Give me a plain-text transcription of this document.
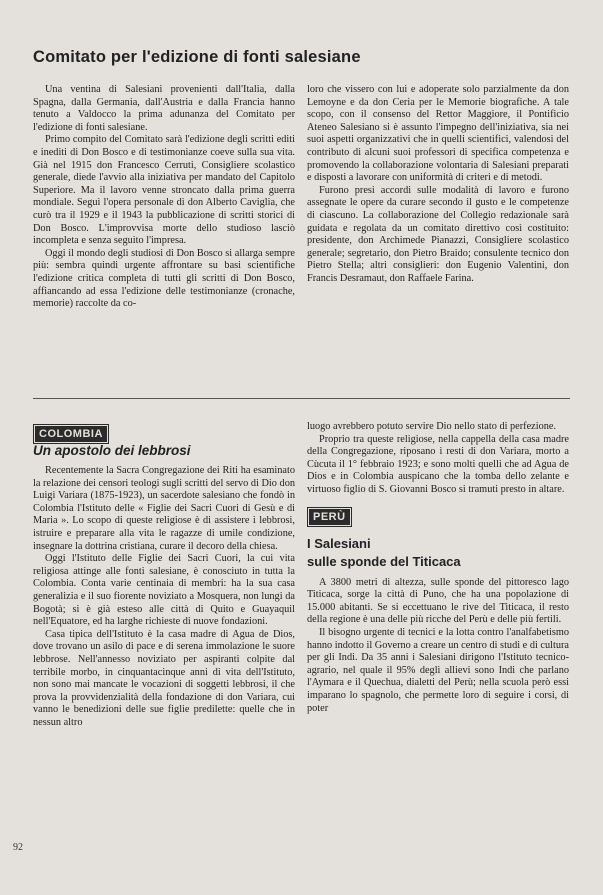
Comitato per l'edizione di fonti salesiane

Una ventina di Salesiani provenienti dall'Italia, dalla Spagna, dalla Germania, dall'Austria e dalla Francia hanno tenuto a Valdocco la prima adunanza del Comitato per l'edizione di fonti salesiane.

Primo compito del Comitato sarà l'edizione degli scritti editi e inediti di Don Bosco e di testimonianze coeve sulla sua vita. Già nel 1915 don Francesco Cerruti, Consigliere scolastico generale, diede l'avvio alla iniziativa per mandato del Capitolo Superiore. Ma il lavoro venne stroncato dalla prima guerra mondiale. Seguì l'opera personale di don Alberto Caviglia, che curò tra il 1929 e il 1943 la pubblicazione di scritti storici di Don Bosco. L'improvvisa morte dello studioso lasciò incompleta e senza seguito l'impresa.

Oggi il mondo degli studiosi di Don Bosco si allarga sempre più: sembra quindi urgente affrontare su basi scientifiche l'edizione critica completa di tutti gli scritti di Don Bosco, affiancando ad essa l'edizione delle testimonianze (cronache, memorie) raccolte da co-

loro che vissero con lui e adoperate solo parzialmente da don Lemoyne e da don Ceria per le Memorie biografiche. A tale scopo, con il consenso del Rettor Maggiore, il Pontificio Ateneo Salesiano si è assunto l'impegno dell'iniziativa, sia nei suoi aspetti organizzativi che in quelli scientifici, valendosi del contributo di alcuni suoi professori di specifica competenza e promovendo la collaborazione volontaria di Salesiani preparati e disposti a lavorare con uniformità di criteri e di metodi.

Furono presi accordi sulle modalità di lavoro e furono assegnate le opere da curare secondo il gusto e le competenze di ciascuno. La collaborazione del Collegio redazionale sarà guidata e regolata da un comitato direttivo così costituito: presidente, don Archimede Pianazzi, Consigliere scolastico generale; segretario, don Pietro Braido; consulente tecnico don Pietro Stella; altri consiglieri: don Eugenio Valentini, don Francis Desramaut, don Raffaele Farina.

COLOMBIA
Un apostolo dei lebbrosi

Recentemente la Sacra Congregazione dei Riti ha esaminato la relazione dei censori teologi sugli scritti del servo di Dio don Luigi Variara (1875-1923), un sacerdote salesiano che fondò in Colombia l'Istituto delle « Figlie dei Sacri Cuori di Gesù e di Maria ». Lo scopo di queste religiose è di assistere i lebbrosi, istruire e preparare alla vita le ragazze di umile condizione, insegnare la dottrina cristiana, curare il decoro della chiesa.

Oggi l'Istituto delle Figlie dei Sacri Cuori, la cui vita religiosa attinge alle fonti salesiane, è conosciuto in tutta la Colombia. Conta varie centinaia di membri: ha la sua casa generalizia e il suo fiorente noviziato a Mosquera, non lungi da Bogotà; si è già esteso alle città di Quito e Guayaquil nell'Equatore, ed ha larghe richieste di nuove fondazioni.

Casa tipica dell'Istituto è la casa madre di Agua de Dios, dove trovano un asilo di pace e di serena immolazione le suore lebbrose. Nell'annesso noviziato per aspiranti colpite dal terribile morbo, in cinquantacinque anni di vita dell'Istituto, non sono mai mancate le vocazioni di soggetti lebbrosi, il che prova la provvidenzialità della fondazione di don Variara, cui vanno le benedizioni delle sue figlie predilette: quelle che in nessun altro

luogo avrebbero potuto servire Dio nello stato di perfezione.

Proprio tra queste religiose, nella cappella della casa madre della Congregazione, riposano i resti di don Variara, morto a Cùcuta il 1° febbraio 1923; e sono molti quelli che ad Agua de Dios e in Colombia auspicano che la tomba dello zelante e virtuoso figlio di S. Giovanni Bosco si tramuti presto in altare.

PERÙ
I Salesiani
sulle sponde del Titicaca

A 3800 metri di altezza, sulle sponde del pittoresco lago Titicaca, sorge la città di Puno, che ha una popolazione di 15.000 abitanti. Se si eccettuano le rive del Titicaca, il resto della regione è una delle più ricche del Perù e delle più fertili.

Il bisogno urgente di tecnici e la lotta contro l'analfabetismo hanno indotto il Governo a creare un centro di studi e di cultura per gli Indi. Da 35 anni i Salesiani dirigono l'Istituto tecnico-agrario, nel quale il 95% degli allievi sono Indi che parlano l'Aymara e il Quechua, dialetti del Perù; nella scuola però essi imparano lo spagnolo, che permette loro di seguire i corsi, di poter

92
